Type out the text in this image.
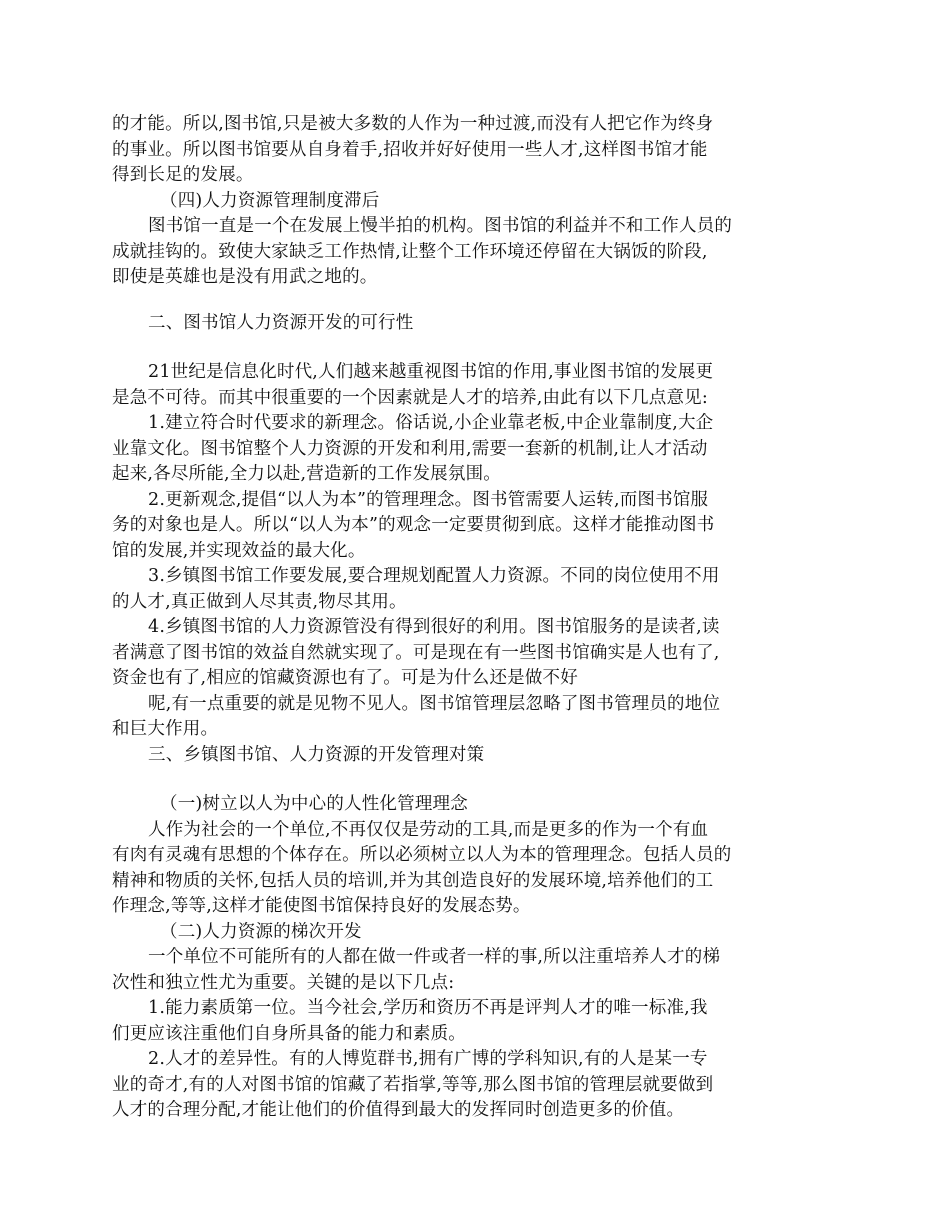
的才能。所以,图书馆,只是被大多数的人作为一种过渡,而没有人把它作为终身
的事业。所以图书馆要从自身着手,招收并好好使用一些人才,这样图书馆才能
得到长足的发展。
（四)人力资源管理制度滞后
图书馆一直是一个在发展上慢半拍的机构。图书馆的利益并不和工作人员的
成就挂钩的。致使大家缺乏工作热情,让整个工作环境还停留在大锅饭的阶段,
即使是英雄也是没有用武之地的。
二、图书馆人力资源开发的可行性
21世纪是信息化时代,人们越来越重视图书馆的作用,事业图书馆的发展更
是急不可待。而其中很重要的一个因素就是人才的培养,由此有以下几点意见:
1.建立符合时代要求的新理念。俗话说,小企业靠老板,中企业靠制度,大企
业靠文化。图书馆整个人力资源的开发和利用,需要一套新的机制,让人才活动
起来,各尽所能,全力以赴,营造新的工作发展氛围。
2.更新观念,提倡“以人为本”的管理理念。图书管需要人运转,而图书馆服
务的对象也是人。所以“以人为本”的观念一定要贯彻到底。这样才能推动图书
馆的发展,并实现效益的最大化。
3.乡镇图书馆工作要发展,要合理规划配置人力资源。不同的岗位使用不用
的人才,真正做到人尽其责,物尽其用。
4.乡镇图书馆的人力资源管没有得到很好的利用。图书馆服务的是读者,读
者满意了图书馆的效益自然就实现了。可是现在有一些图书馆确实是人也有了,
资金也有了,相应的馆藏资源也有了。可是为什么还是做不好
呢,有一点重要的就是见物不见人。图书馆管理层忽略了图书管理员的地位
和巨大作用。
三、乡镇图书馆、人力资源的开发管理对策
（一)树立以人为中心的人性化管理理念
人作为社会的一个单位,不再仅仅是劳动的工具,而是更多的作为一个有血
有肉有灵魂有思想的个体存在。所以必须树立以人为本的管理理念。包括人员的
精神和物质的关怀,包括人员的培训,并为其创造良好的发展环境,培养他们的工
作理念,等等,这样才能使图书馆保持良好的发展态势。
（二)人力资源的梯次开发
一个单位不可能所有的人都在做一件或者一样的事,所以注重培养人才的梯
次性和独立性尤为重要。关键的是以下几点:
1.能力素质第一位。当今社会,学历和资历不再是评判人才的唯一标准,我
们更应该注重他们自身所具备的能力和素质。
2.人才的差异性。有的人博览群书,拥有广博的学科知识,有的人是某一专
业的奇才,有的人对图书馆的馆藏了若指掌,等等,那么图书馆的管理层就要做到
人才的合理分配,才能让他们的价值得到最大的发挥同时创造更多的价值。
